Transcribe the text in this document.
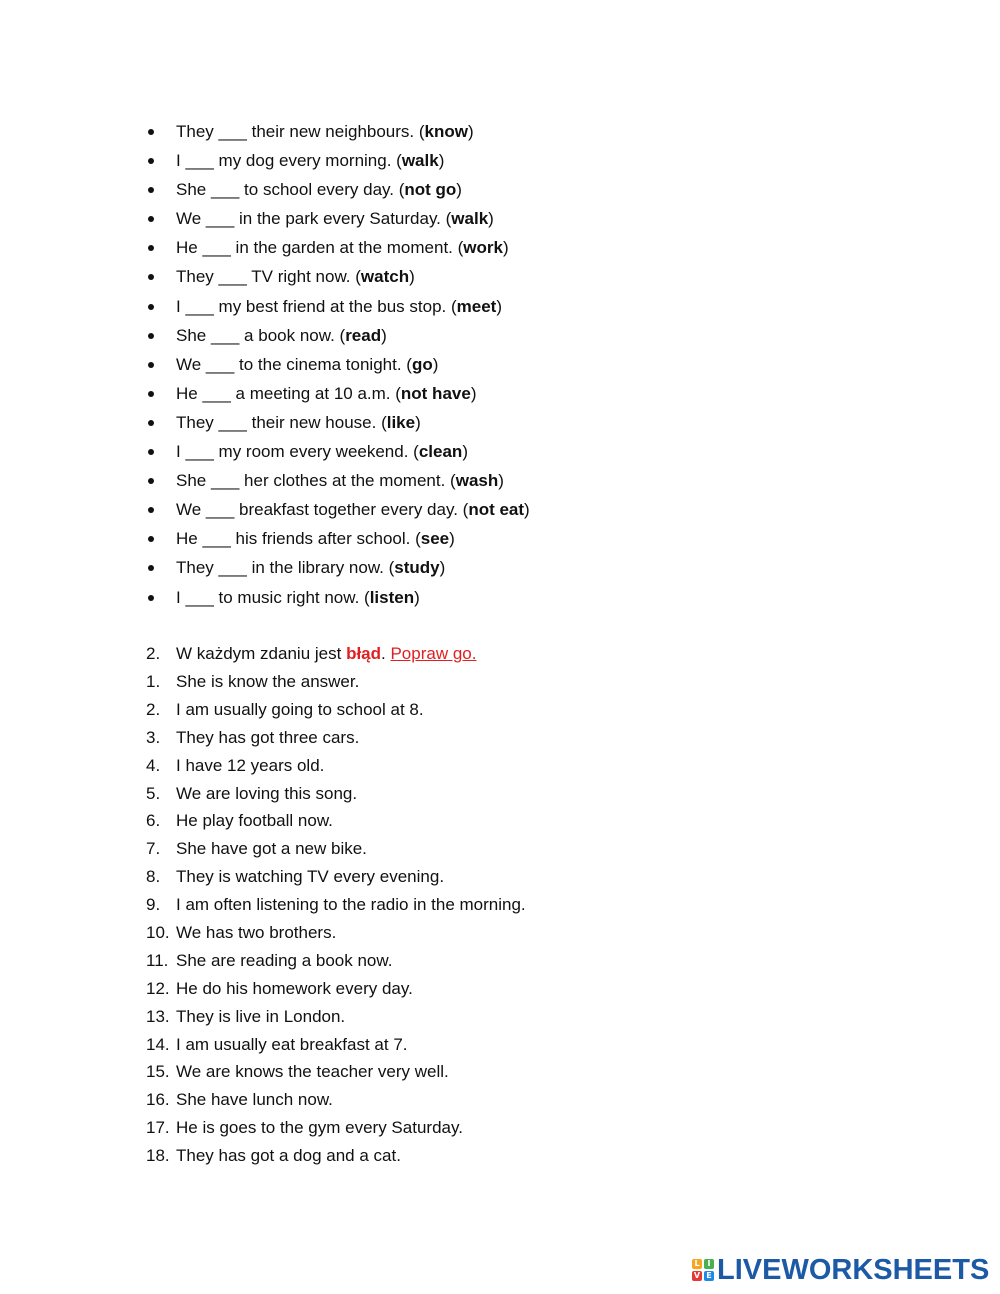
They ___ their new neighbours. (know)
I ___ my dog every morning. (walk)
She ___ to school every day. (not go)
We ___ in the park every Saturday. (walk)
He ___ in the garden at the moment. (work)
They ___ TV right now. (watch)
I ___ my best friend at the bus stop. (meet)
She ___ a book now. (read)
We ___ to the cinema tonight. (go)
He ___ a meeting at 10 a.m. (not have)
They ___ their new house. (like)
I ___ my room every weekend. (clean)
She ___ her clothes at the moment. (wash)
We ___ breakfast together every day. (not eat)
He ___ his friends after school. (see)
They ___ in the library now. (study)
I ___ to music right now. (listen)
2. W każdym zdaniu jest błąd. Popraw go.
1. She is know the answer.
2. I am usually going to school at 8.
3. They has got three cars.
4. I have 12 years old.
5. We are loving this song.
6. He play football now.
7. She have got a new bike.
8. They is watching TV every evening.
9. I am often listening to the radio in the morning.
10. We has two brothers.
11. She are reading a book now.
12. He do his homework every day.
13. They is live in London.
14. I am usually eat breakfast at 7.
15. We are knows the teacher very well.
16. She have lunch now.
17. He is goes to the gym every Saturday.
18. They has got a dog and a cat.
L I
V E LIVEWORKSHEETS
